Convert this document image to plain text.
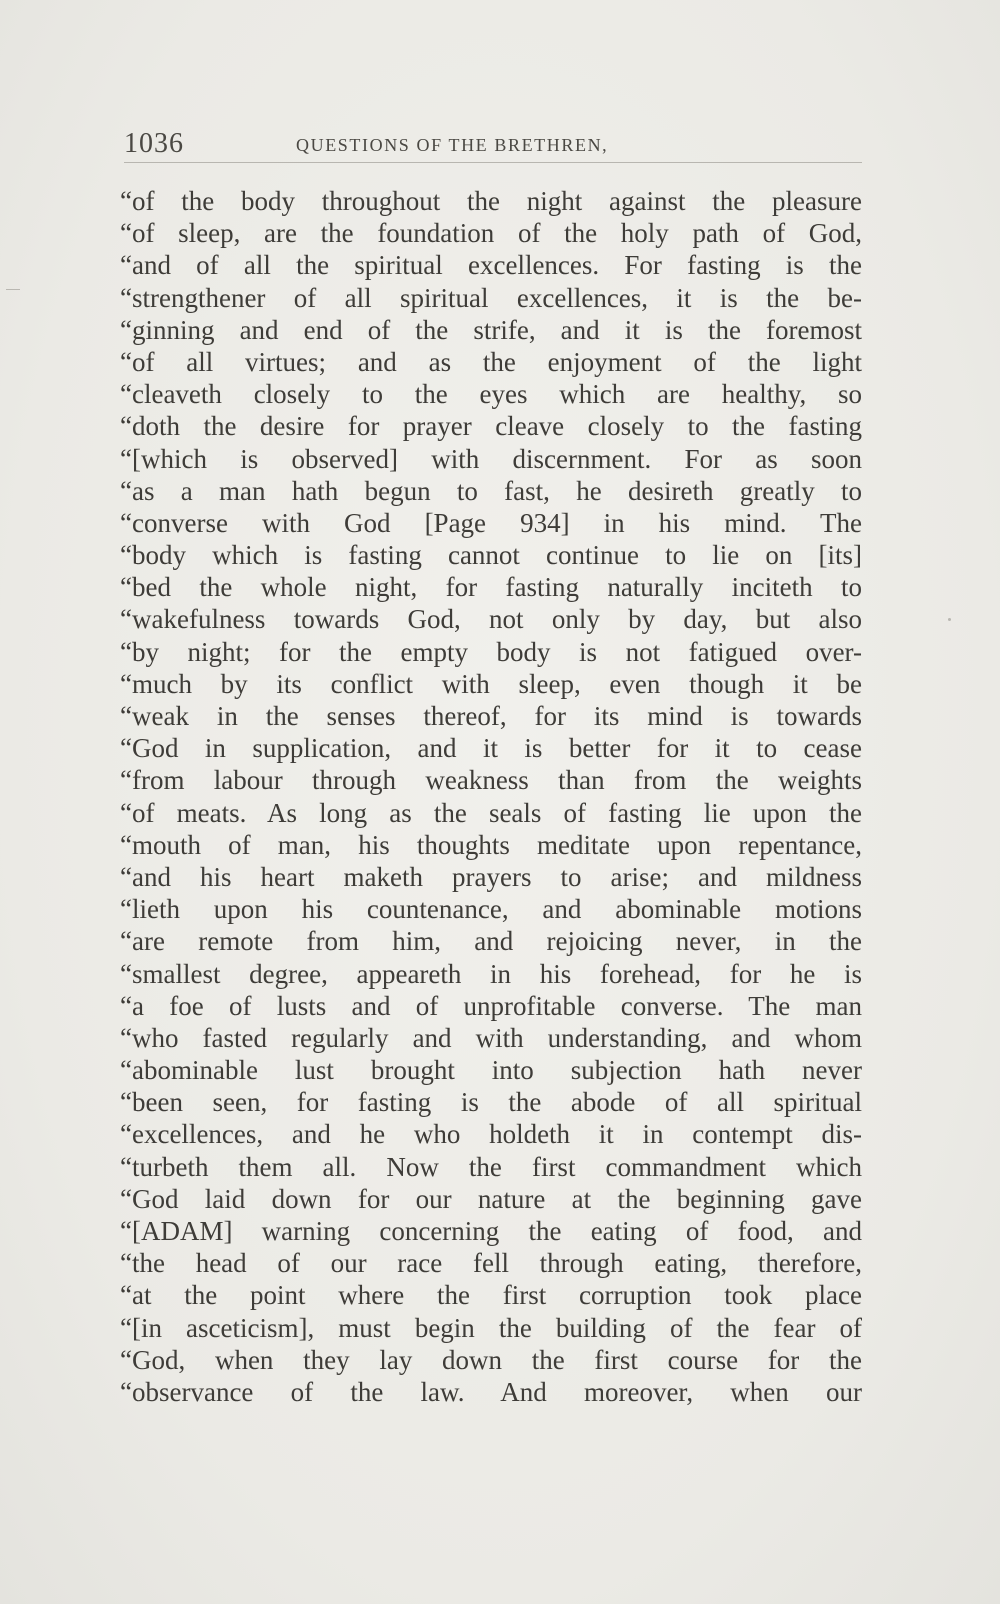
1036	QUESTIONS OF THE BRETHREN,
“of the body throughout the night against the pleasure
“of sleep, are the foundation of the holy path of God,
“and of all the spiritual excellences. For fasting is the
“strengthener of all spiritual excellences, it is the be-
“ginning and end of the strife, and it is the foremost
“of all virtues; and as the enjoyment of the light
“cleaveth closely to the eyes which are healthy, so
“doth the desire for prayer cleave closely to the fasting
“[which is observed] with discernment. For as soon
“as a man hath begun to fast, he desireth greatly to
“converse with God [Page 934] in his mind. The
“body which is fasting cannot continue to lie on [its]
“bed the whole night, for fasting naturally inciteth to
“wakefulness towards God, not only by day, but also
“by night; for the empty body is not fatigued over-
“much by its conflict with sleep, even though it be
“weak in the senses thereof, for its mind is towards
“God in supplication, and it is better for it to cease
“from labour through weakness than from the weights
“of meats. As long as the seals of fasting lie upon the
“mouth of man, his thoughts meditate upon repentance,
“and his heart maketh prayers to arise; and mildness
“lieth upon his countenance, and abominable motions
“are remote from him, and rejoicing never, in the
“smallest degree, appeareth in his forehead, for he is
“a foe of lusts and of unprofitable converse. The man
“who fasted regularly and with understanding, and whom
“abominable lust brought into subjection hath never
“been seen, for fasting is the abode of all spiritual
“excellences, and he who holdeth it in contempt dis-
“turbeth them all. Now the first commandment which
“God laid down for our nature at the beginning gave
“[ADAM] warning concerning the eating of food, and
“the head of our race fell through eating, therefore,
“at the point where the first corruption took place
“[in asceticism], must begin the building of the fear of
“God, when they lay down the first course for the
“observance of the law. And moreover, when our
